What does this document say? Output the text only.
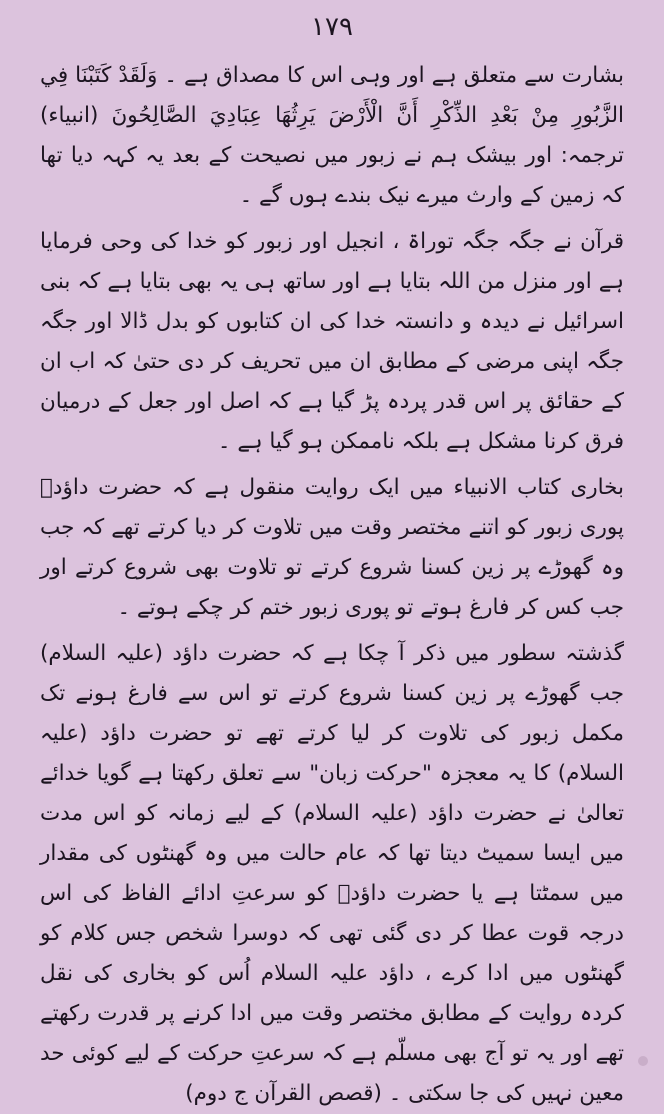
۱۷۹

بشارت سے متعلق ہے اور وہی اس کا مصداق ہے ۔ وَلَقَدْ كَتَبْنَا فِي الزَّبُورِ مِنْ بَعْدِ الذِّكْرِ أَنَّ الْأَرْضَ يَرِثُهَا عِبَادِيَ الصَّالِحُونَ (انبیاء) ترجمہ: اور بیشک ہم نے زبور میں نصیحت کے بعد یہ کہہ دیا تھا کہ زمین کے وارث میرے نیک بندے ہوں گے ۔

قرآن نے جگہ جگہ توراۃ ، انجیل اور زبور کو خدا کی وحی فرمایا ہے اور منزل من اللہ بتایا ہے اور ساتھ ہی یہ بھی بتایا ہے کہ بنی اسرائیل نے دیدہ و دانستہ خدا کی ان کتابوں کو بدل ڈالا اور جگہ جگہ اپنی مرضی کے مطابق ان میں تحریف کر دی حتیٰ کہ اب ان کے حقائق پر اس قدر پردہ پڑ گیا ہے کہ اصل اور جعل کے درمیان فرق کرنا مشکل ہے بلکہ ناممکن ہو گیا ہے ۔

بخاری کتاب الانبیاء میں ایک روایت منقول ہے کہ حضرت داؤدؑ پوری زبور کو اتنے مختصر وقت میں تلاوت کر دیا کرتے تھے کہ جب وہ گھوڑے پر زین کسنا شروع کرتے تو تلاوت بھی شروع کرتے اور جب کس کر فارغ ہوتے تو پوری زبور ختم کر چکے ہوتے ۔

گذشتہ سطور میں ذکر آ چکا ہے کہ حضرت داؤد (علیہ السلام) جب گھوڑے پر زین کسنا شروع کرتے تو اس سے فارغ ہونے تک مکمل زبور کی تلاوت کر لیا کرتے تھے تو حضرت داؤد (علیہ السلام) کا یہ معجزہ "حرکت زبان" سے تعلق رکھتا ہے گویا خدائے تعالیٰ نے حضرت داؤد (علیہ السلام) کے لیے زمانہ کو اس مدت میں ایسا سمیٹ دیتا تھا کہ عام حالت میں وہ گھنٹوں کی مقدار میں سمٹتا ہے یا حضرت داؤدؑ کو سرعتِ ادائے الفاظ کی اس درجہ قوت عطا کر دی گئی تھی کہ دوسرا شخص جس کلام کو گھنٹوں میں ادا کرے ، داؤد علیہ السلام اُس کو بخاری کی نقل کردہ روایت کے مطابق مختصر وقت میں ادا کرنے پر قدرت رکھتے تھے اور یہ تو آج بھی مسلّم ہے کہ سرعتِ حرکت کے لیے کوئی حد معین نہیں کی جا سکتی ۔ (قصص القرآن ج دوم)
